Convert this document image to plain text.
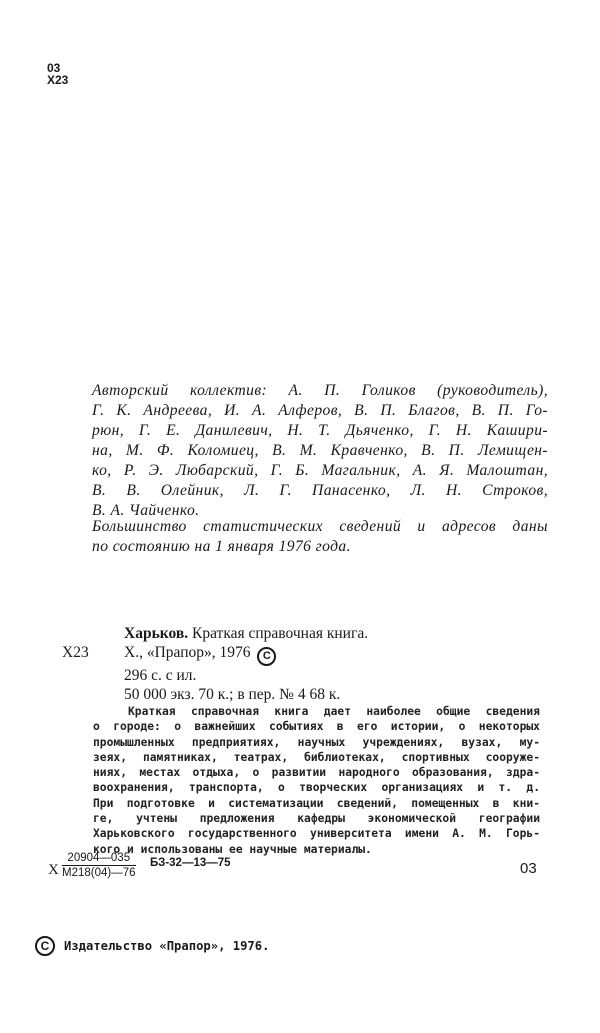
03
X23
Авторский коллектив: А. П. Голиков (руководитель),
Г. К. Андреева, И. А. Алферов, В. П. Благов, В. П. Го-
рюн, Г. Е. Данилевич, Н. Т. Дьяченко, Г. Н. Кашири-
на, М. Ф. Коломиец, В. М. Кравченко, В. П. Лемищен-
ко, Р. Э. Любарский, Г. Б. Магальник, А. Я. Малоштан,
В. В. Олейник, Л. Г. Панасенко, Л. Н. Строков,
В. А. Чайченко.
Большинство статистических сведений и адресов даны
по состоянию на 1 января 1976 года.
X23
Харьков. Краткая справочная книга.
Х., «Прапор», 1976 C
296 с. с ил.
50 000 экз. 70 к.; в пер. № 4 68 к.
Краткая справочная книга дает наиболее общие сведения
о городе: о важнейших событиях в его истории, о некоторых
промышленных предприятиях, научных учреждениях, вузах, му-
зеях, памятниках, театрах, библиотеках, спортивных сооруже-
ниях, местах отдыха, о развитии народного образования, здра-
воохранения, транспорта, о творческих организациях и т. д.
При подготовке и систематизации сведений, помещенных в кни-
ге, учтены предложения кафедры экономической географии
Харьковского государственного университета имени А. М. Горь-
кого и использованы ее научные материалы.
X
20904—035
М218(04)—76
БЗ-32—13—75	03
C	Издательство «Прапор», 1976.
